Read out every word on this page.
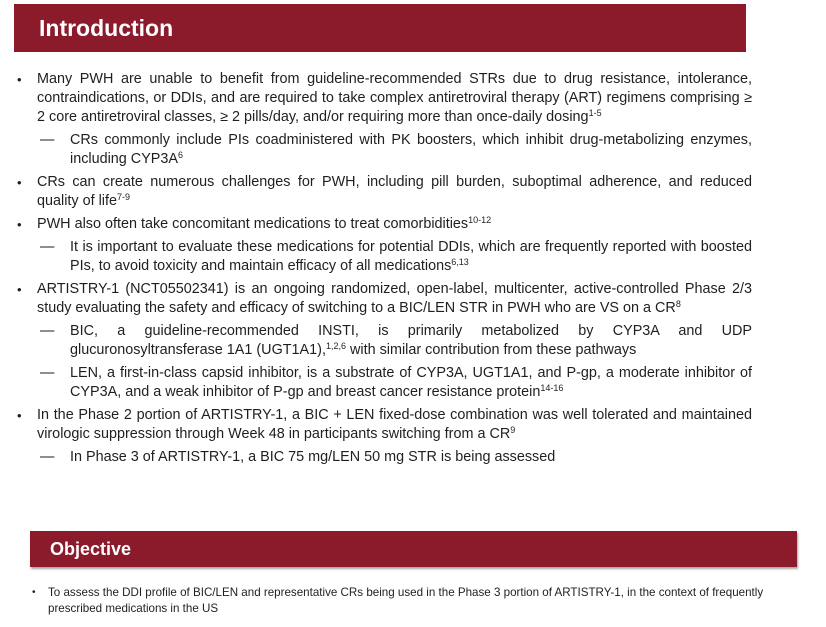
Introduction
• Many PWH are unable to benefit from guideline-recommended STRs due to drug resistance, intolerance, contraindications, or DDIs, and are required to take complex antiretroviral therapy (ART) regimens comprising ≥ 2 core antiretroviral classes, ≥ 2 pills/day, and/or requiring more than once-daily dosing$^{1-5}$
— CRs commonly include PIs coadministered with PK boosters, which inhibit drug-metabolizing enzymes, including $CYP3A^6$
• CRs can create numerous challenges for PWH, including pill burden, suboptimal adherence, and reduced quality of life$^{7-9}$
• PWH also often take concomitant medications to treat comorbidities$^{10-12}$
— It is important to evaluate these medications for potential DDIs, which are frequently reported with boosted PIs, to avoid toxicity and maintain efficacy of all medications$^{6,13}$
• ARTISTRY-1 (NCT05502341) is an ongoing randomized, open-label, multicenter, active-controlled Phase 2/3 study evaluating the safety and efficacy of switching to a BIC/LEN STR in PWH who are VS on a $CR^8$
— BIC, a guideline-recommended INSTI, is primarily metabolized by CYP3A and UDP glucuronosyltransferase 1A1 (UGT1A1),$^{1,2,6}$ with similar contribution from these pathways
— LEN, a first-in-class capsid inhibitor, is a substrate of CYP3A, UGT1A1, and P-gp, a moderate inhibitor of CYP3A, and a weak inhibitor of P-gp and breast cancer resistance protein$^{14-16}$
• In the Phase 2 portion of ARTISTRY-1, a BIC + LEN fixed-dose combination was well tolerated and maintained virologic suppression through Week 48 in participants switching from a $CR^9$
— In Phase 3 of ARTISTRY-1, a BIC 75 mg/LEN 50 mg STR is being assessed
Objective
• To assess the DDI profile of BIC/LEN and representative CRs being used in the Phase 3 portion of ARTISTRY-1, in the context of frequently prescribed medications in the US
